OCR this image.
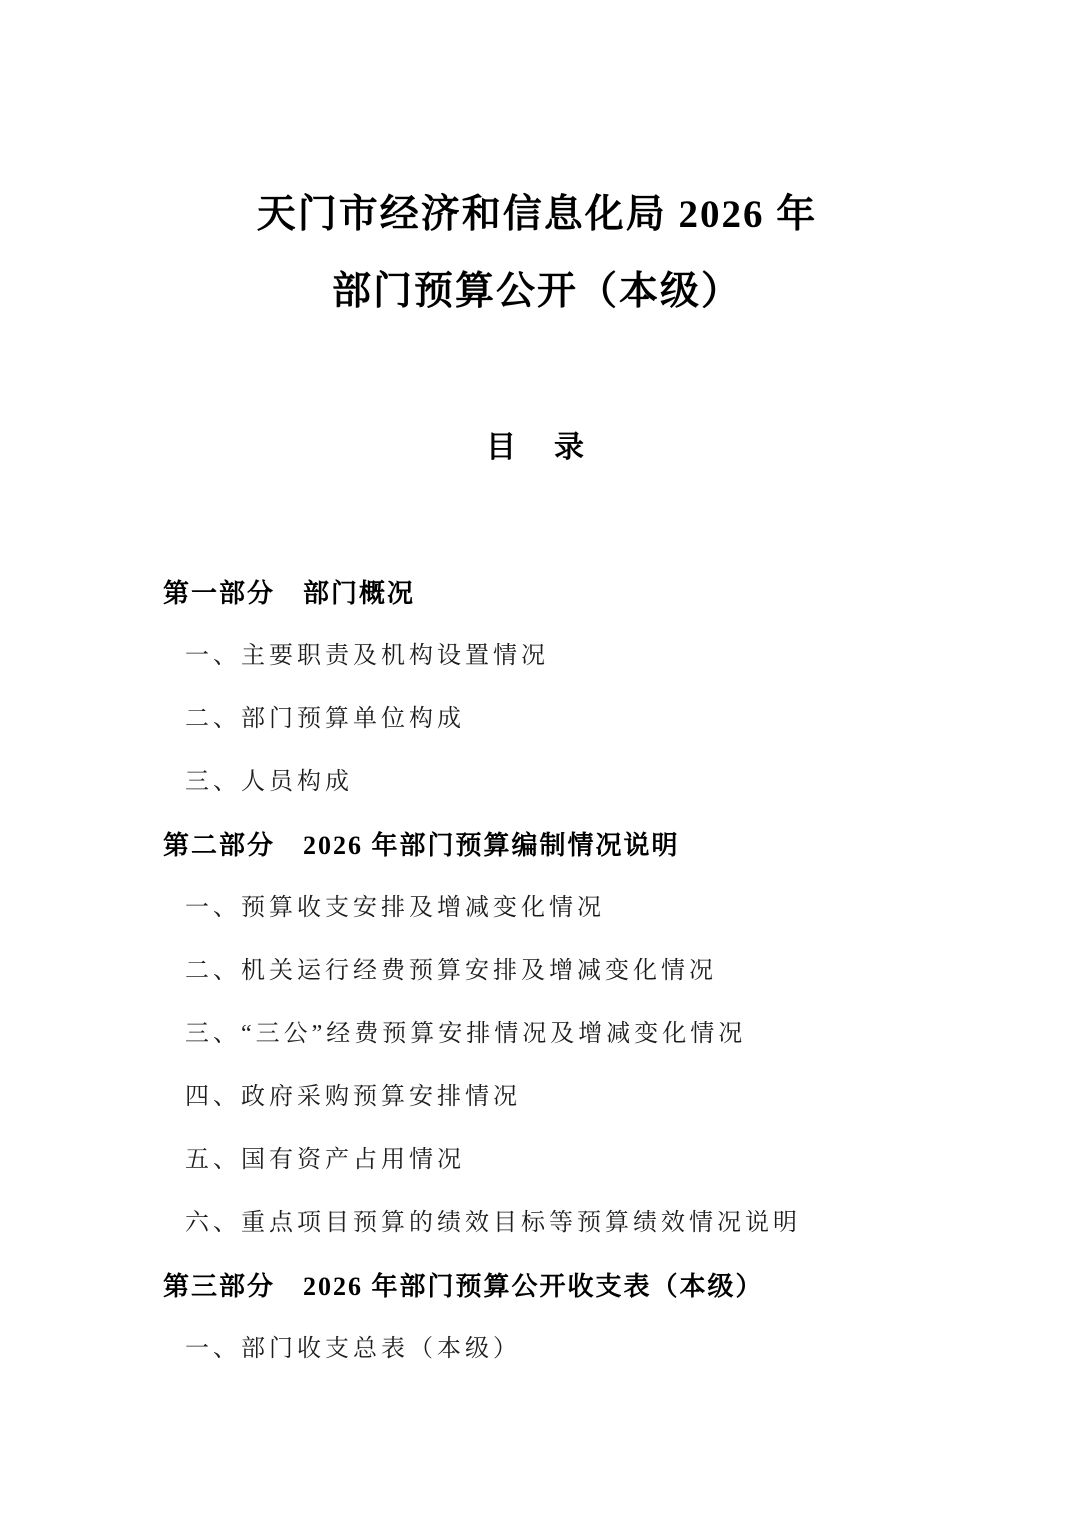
天门市经济和信息化局 2026 年
部门预算公开（本级）
目　录

第一部分　部门概况

一、主要职责及机构设置情况

二、部门预算单位构成

三、人员构成

第二部分　2026 年部门预算编制情况说明

一、预算收支安排及增减变化情况

二、机关运行经费预算安排及增减变化情况

三、“三公”经费预算安排情况及增减变化情况

四、政府采购预算安排情况

五、国有资产占用情况

六、重点项目预算的绩效目标等预算绩效情况说明

第三部分　2026 年部门预算公开收支表（本级）

一、部门收支总表（本级）
